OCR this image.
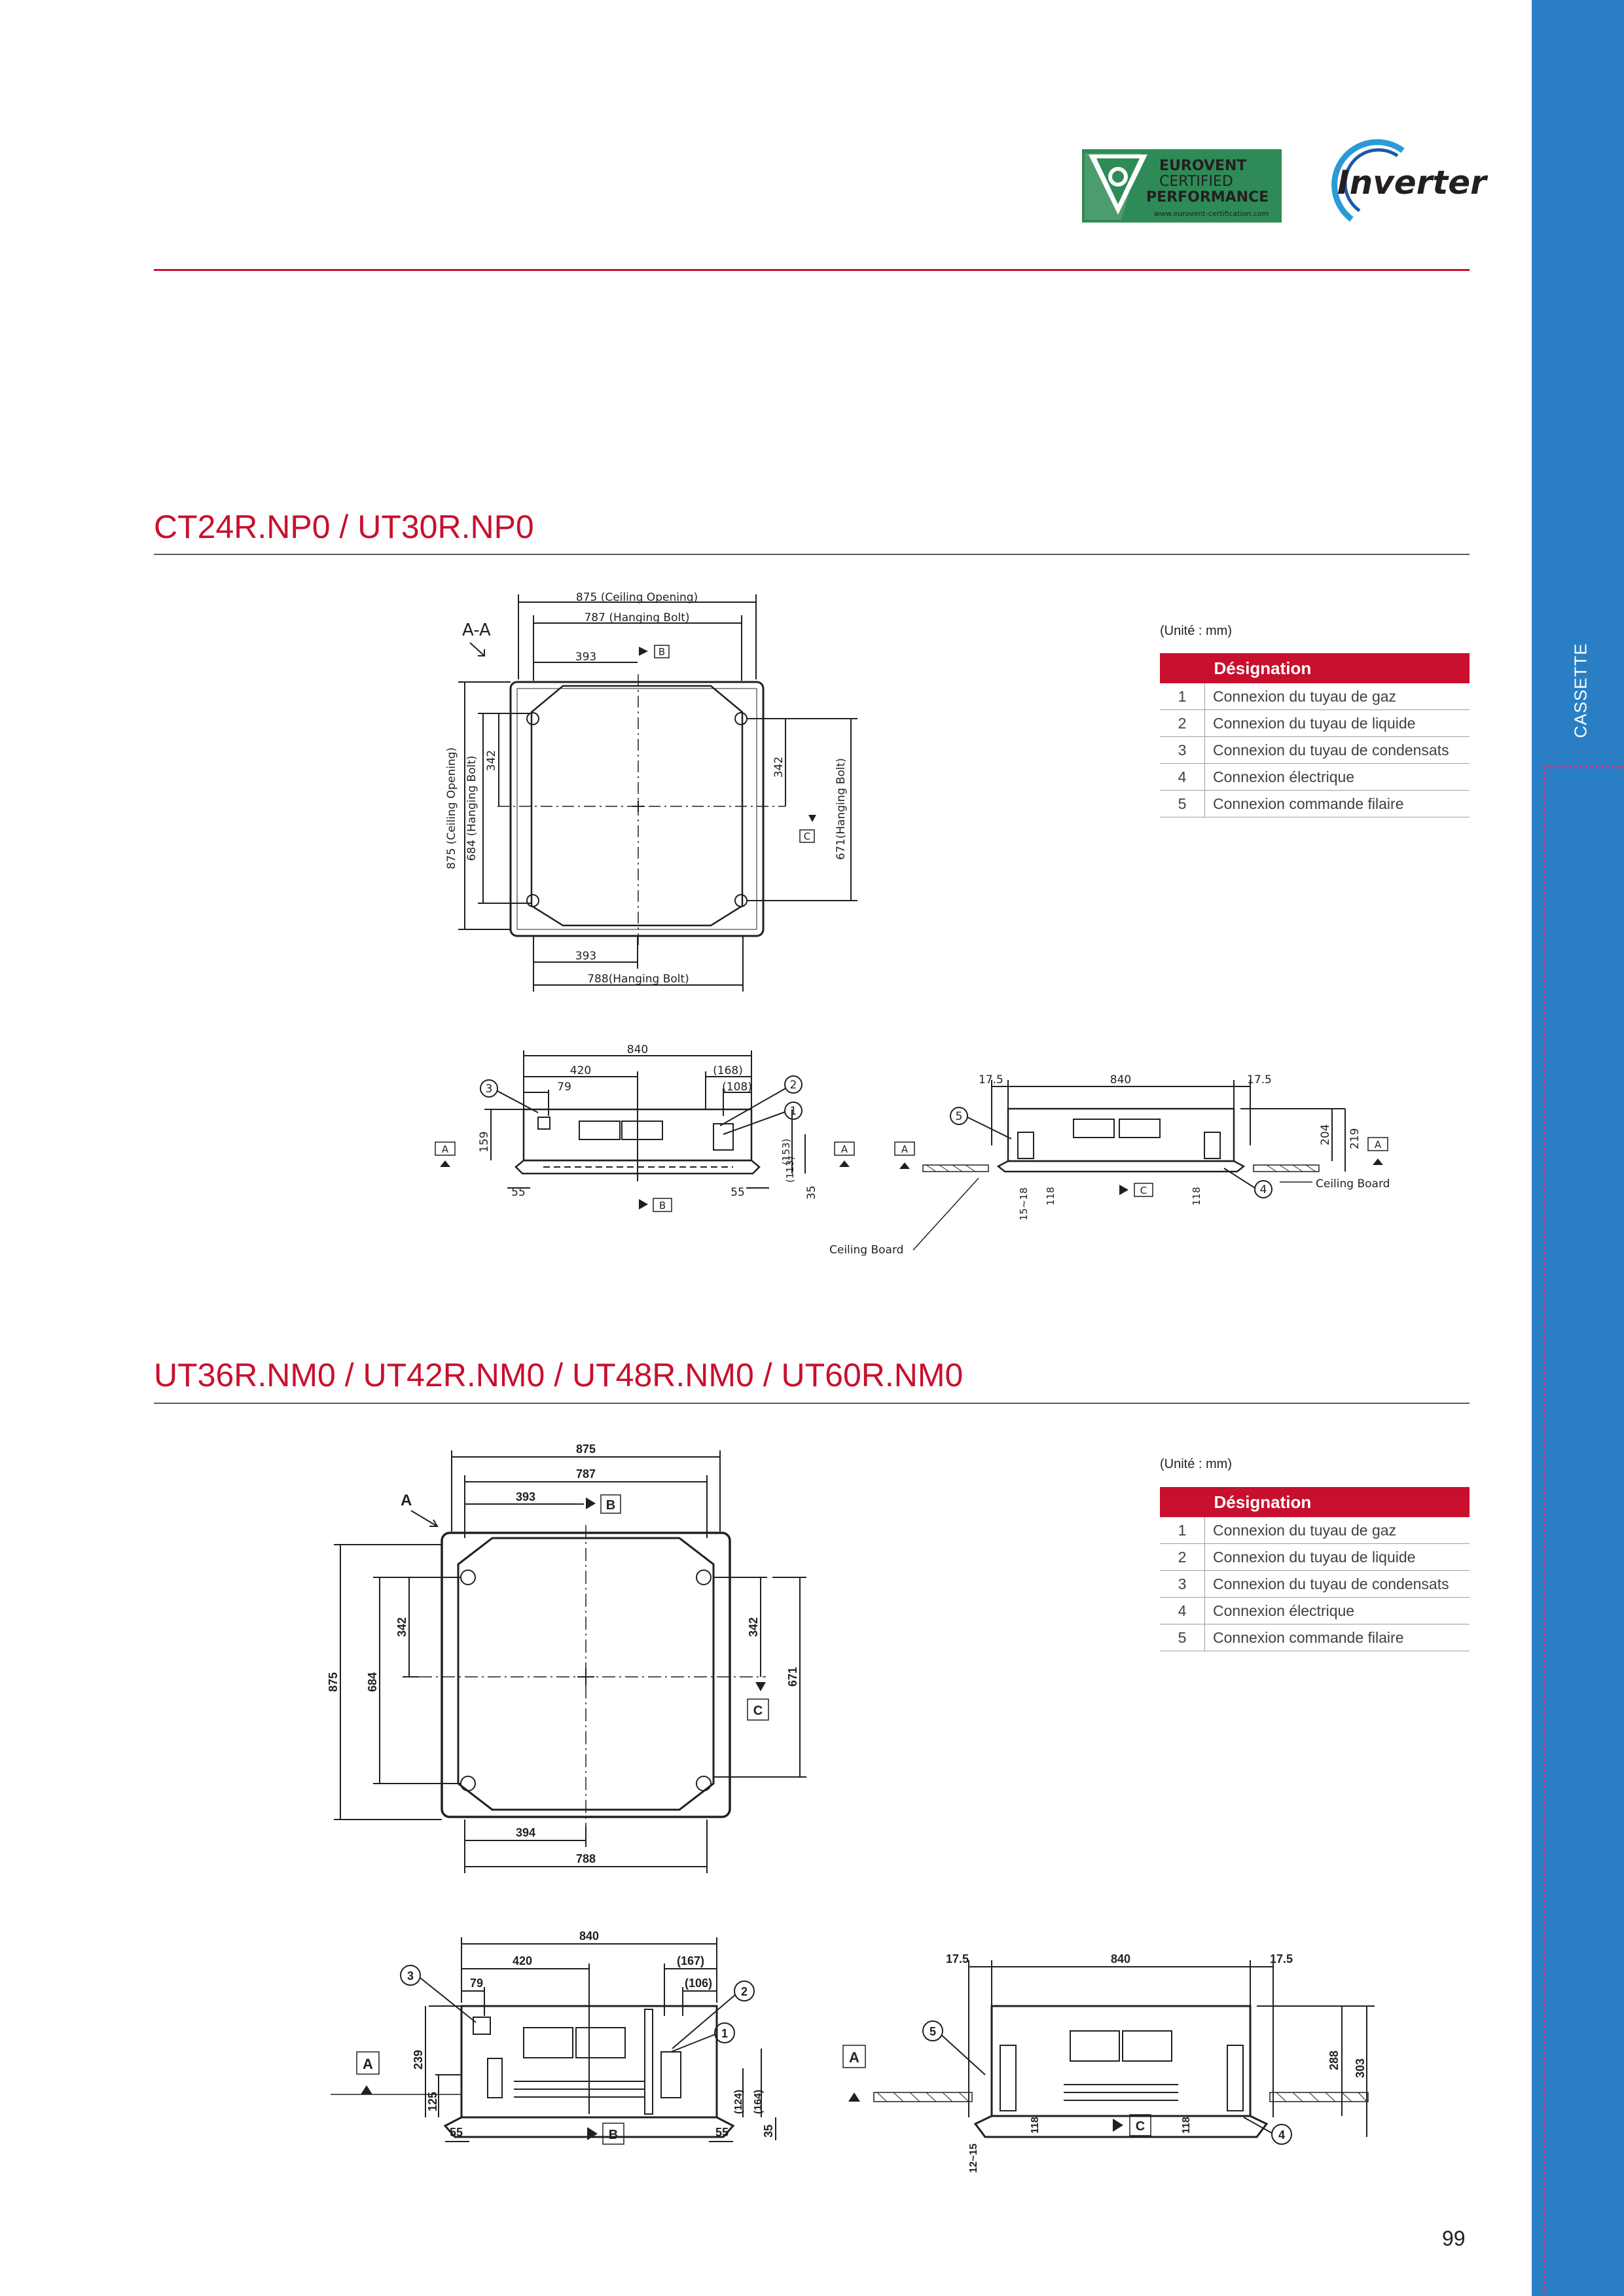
CASSETTE
EUROVENT
CERTIFIED
PERFORMANCE
www.eurovent-certification.com
Inverter
CT24R.NP0 / UT30R.NP0
(Unité : mm)
	Désignation
1	Connexion du tuyau de gaz
2	Connexion du tuyau de liquide
3	Connexion du tuyau de condensats
4	Connexion électrique
5	Connexion commande filaire
A-A
875 (Ceiling Opening)
787 (Hanging Bolt)
B
393
875 (Ceiling Opening) 684 (Hanging Bolt) 342	342
C 671(Hanging Bolt)
393
788(Hanging Bolt)
840
420
79
(168)
(108)
3	2
1
159	(153)
(113)
35
A	A
55	55
B
840
17.5	17.5
5
204 219 A
A
Ceiling Board
15~18 118	118
C	4
Ceiling Board
UT36R.NM0 / UT42R.NM0 / UT48R.NM0 / UT60R.NM0
(Unité : mm)
	Désignation
1	Connexion du tuyau de gaz
2	Connexion du tuyau de liquide
3	Connexion du tuyau de condensats
4	Connexion électrique
5	Connexion commande filaire
875
787
393
B
A
875 684
342	342
C
671
394
788
840
420
79
(167)
(106)
3
2
1
239
125	(124) (164)
35
A
55	55
B
840
17.5	17.5
5
288 303
A
12~15
118	118
C
4
99
